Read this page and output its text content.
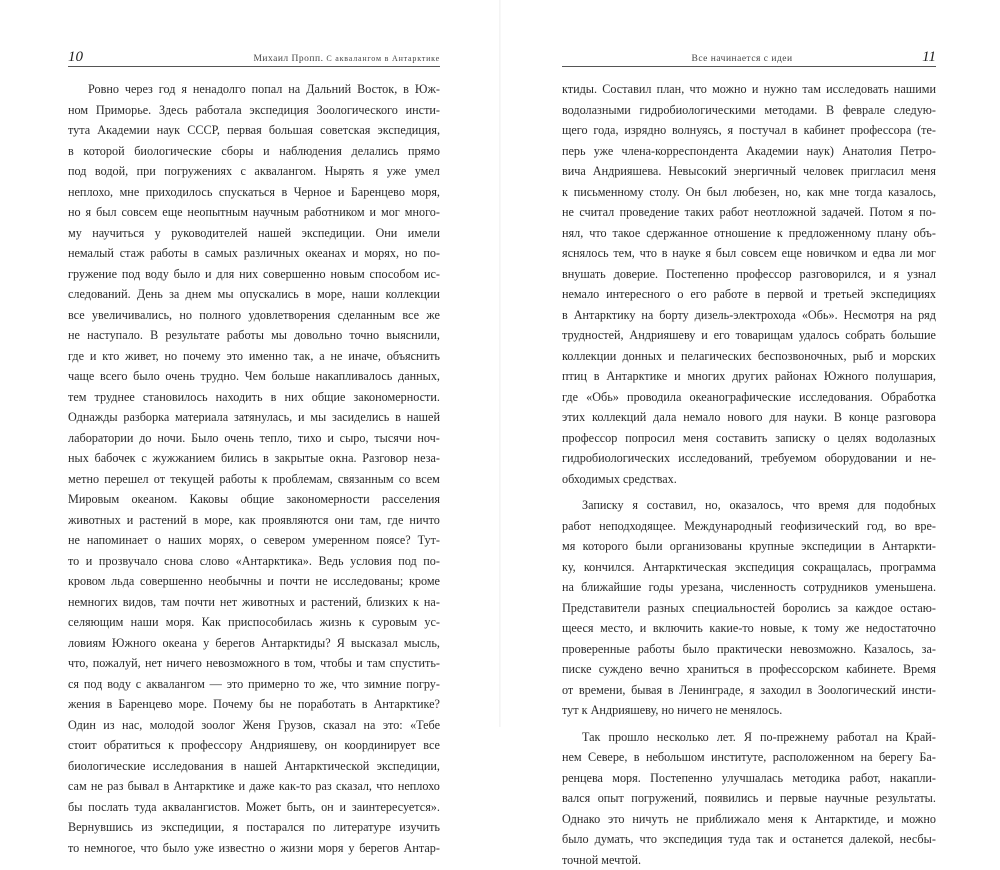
10	Михаил Пропп. С аквалангом в Антарктике
Ровно через год я ненадолго попал на Дальний Восток, в Юж-
ном Приморье. Здесь работала экспедиция Зоологического инсти-
тута Академии наук СССР, первая большая советская экспедиция,
в которой биологические сборы и наблюдения делались прямо
под водой, при погружениях с аквалангом. Нырять я уже умел
неплохо, мне приходилось спускаться в Черное и Баренцево моря,
но я был совсем еще неопытным научным работником и мог много-
му научиться у руководителей нашей экспедиции. Они имели
немалый стаж работы в самых различных океанах и морях, но по-
гружение под воду было и для них совершенно новым способом ис-
следований. День за днем мы опускались в море, наши коллекции
все увеличивались, но полного удовлетворения сделанным все же
не наступало. В результате работы мы довольно точно выяснили,
где и кто живет, но почему это именно так, а не иначе, объяснить
чаще всего было очень трудно. Чем больше накапливалось данных,
тем труднее становилось находить в них общие закономерности.
Однажды разборка материала затянулась, и мы засиделись в нашей
лаборатории до ночи. Было очень тепло, тихо и сыро, тысячи ноч-
ных бабочек с жужжанием бились в закрытые окна. Разговор неза-
метно перешел от текущей работы к проблемам, связанным со всем
Мировым океаном. Каковы общие закономерности расселения
животных и растений в море, как проявляются они там, где ничто
не напоминает о наших морях, о севером умеренном поясе? Тут-
то и прозвучало снова слово «Антарктика». Ведь условия под по-
кровом льда совершенно необычны и почти не исследованы; кроме
немногих видов, там почти нет животных и растений, близких к на-
селяющим наши моря. Как приспособилась жизнь к суровым ус-
ловиям Южного океана у берегов Антарктиды? Я высказал мысль,
что, пожалуй, нет ничего невозможного в том, чтобы и там спустить-
ся под воду с аквалангом — это примерно то же, что зимние погру-
жения в Баренцево море. Почему бы не поработать в Антарктике?
Один из нас, молодой зоолог Женя Грузов, сказал на это: «Тебе
стоит обратиться к профессору Андрияшеву, он координирует все
биологические исследования в нашей Антарктической экспедиции,
сам не раз бывал в Антарктике и даже как-то раз сказал, что неплохо
бы послать туда аквалангистов. Может быть, он и заинтересуется».
Вернувшись из экспедиции, я постарался по литературе изучить
то немногое, что было уже известно о жизни моря у берегов Антар-
Все начинается с идеи	11
ктиды. Составил план, что можно и нужно там исследовать нашими
водолазными гидробиологическими методами. В феврале следую-
щего года, изрядно волнуясь, я постучал в кабинет профессора (те-
перь уже члена-корреспондента Академии наук) Анатолия Петро-
вича Андрияшева. Невысокий энергичный человек пригласил меня
к письменному столу. Он был любезен, но, как мне тогда казалось,
не считал проведение таких работ неотложной задачей. Потом я по-
нял, что такое сдержанное отношение к предложенному плану объ-
яснялось тем, что в науке я был совсем еще новичком и едва ли мог
внушать доверие. Постепенно профессор разговорился, и я узнал
немало интересного о его работе в первой и третьей экспедициях
в Антарктику на борту дизель-электрохода «Обь». Несмотря на ряд
трудностей, Андрияшеву и его товарищам удалось собрать большие
коллекции донных и пелагических беспозвоночных, рыб и морских
птиц в Антарктике и многих других районах Южного полушария,
где «Обь» проводила океанографические исследования. Обработка
этих коллекций дала немало нового для науки. В конце разговора
профессор попросил меня составить записку о целях водолазных
гидробиологических исследований, требуемом оборудовании и не-
обходимых средствах.
Записку я составил, но, оказалось, что время для подобных
работ неподходящее. Международный геофизический год, во вре-
мя которого были организованы крупные экспедиции в Антаркти-
ку, кончился. Антарктическая экспедиция сокращалась, программа
на ближайшие годы урезана, численность сотрудников уменьшена.
Представители разных специальностей боролись за каждое остаю-
щееся место, и включить какие-то новые, к тому же недостаточно
проверенные работы было практически невозможно. Казалось, за-
писке суждено вечно храниться в профессорском кабинете. Время
от времени, бывая в Ленинграде, я заходил в Зоологический инсти-
тут к Андрияшеву, но ничего не менялось.
Так прошло несколько лет. Я по-прежнему работал на Край-
нем Севере, в небольшом институте, расположенном на берегу Ба-
ренцева моря. Постепенно улучшалась методика работ, накапли-
вался опыт погружений, появились и первые научные результаты.
Однако это ничуть не приближало меня к Антарктиде, и можно
было думать, что экспедиция туда так и останется далекой, несбы-
точной мечтой.
